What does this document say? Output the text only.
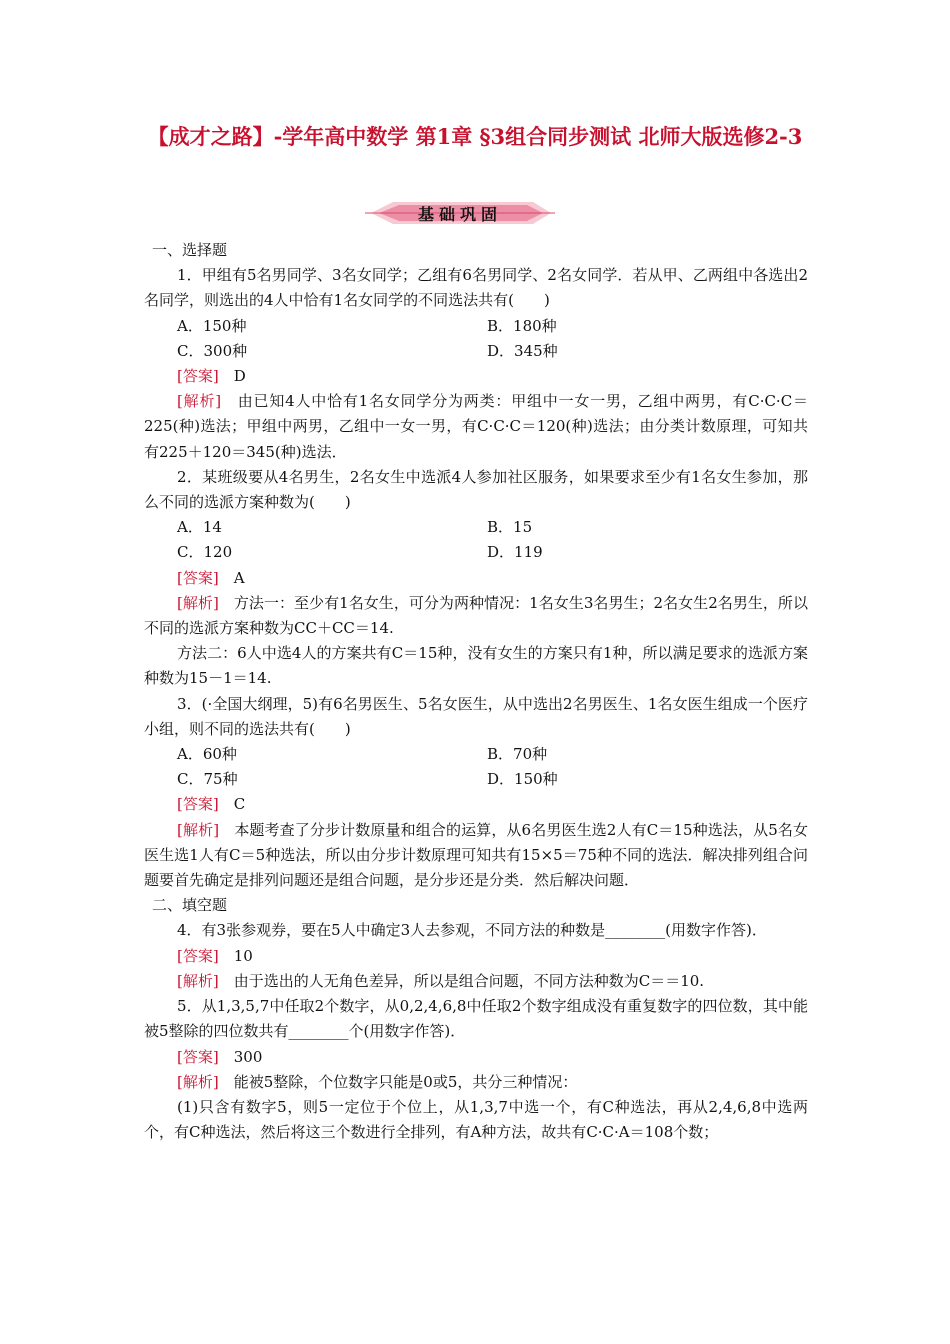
【成才之路】-学年高中数学 第1章 §3组合同步测试 北师大版选修2-3
基础巩固

一、选择题

1．甲组有5名男同学、3名女同学；乙组有6名男同学、2名女同学．若从甲、乙两组中各选出2名同学，则选出的4人中恰有1名女同学的不同选法共有(　　)

A．150种	B．180种
C．300种	D．345种

[答案]　 D

[解析]　 由已知4人中恰有1名女同学分为两类：甲组中一女一男，乙组中两男，有C·C·C＝225(种)选法；甲组中两男，乙组中一女一男，有C·C·C＝120(种)选法；由分类计数原理，可知共有225＋120＝345(种)选法．

2．某班级要从4名男生，2名女生中选派4人参加社区服务，如果要求至少有1名女生参加，那么不同的选派方案种数为(　　)

A．14	B．15
C．120	D．119

[答案]　 A

[解析]　 方法一：至少有1名女生，可分为两种情况：1名女生3名男生；2名女生2名男生，所以不同的选派方案种数为CC＋CC＝14.

方法二：6人中选4人的方案共有C＝15种，没有女生的方案只有1种，所以满足要求的选派方案种数为15－1＝14.

3．(·全国大纲理，5)有6名男医生、5名女医生，从中选出2名男医生、1名女医生组成一个医疗小组，则不同的选法共有(　　)

A．60种	B．70种
C．75种	D．150种

[答案]　 C

[解析]　 本题考查了分步计数原量和组合的运算，从6名男医生选2人有C＝15种选法，从5名女医生选1人有C＝5种选法，所以由分步计数原理可知共有15×5＝75种不同的选法．解决排列组合问题要首先确定是排列问题还是组合问题，是分步还是分类．然后解决问题．

二、填空题

4．有3张参观券，要在5人中确定3人去参观，不同方法的种数是________(用数字作答)．

[答案]　 10

[解析]　 由于选出的人无角色差异，所以是组合问题，不同方法种数为C＝＝10.

5．从1,3,5,7中任取2个数字，从0,2,4,6,8中任取2个数字组成没有重复数字的四位数，其中能被5整除的四位数共有________个(用数字作答)．

[答案]　 300

[解析]　 能被5整除，个位数字只能是0或5，共分三种情况：

(1)只含有数字5，则5一定位于个位上，从1,3,7中选一个，有C种选法，再从2,4,6,8中选两个，有C种选法，然后将这三个数进行全排列，有A种方法，故共有C·C·A＝108个数；
